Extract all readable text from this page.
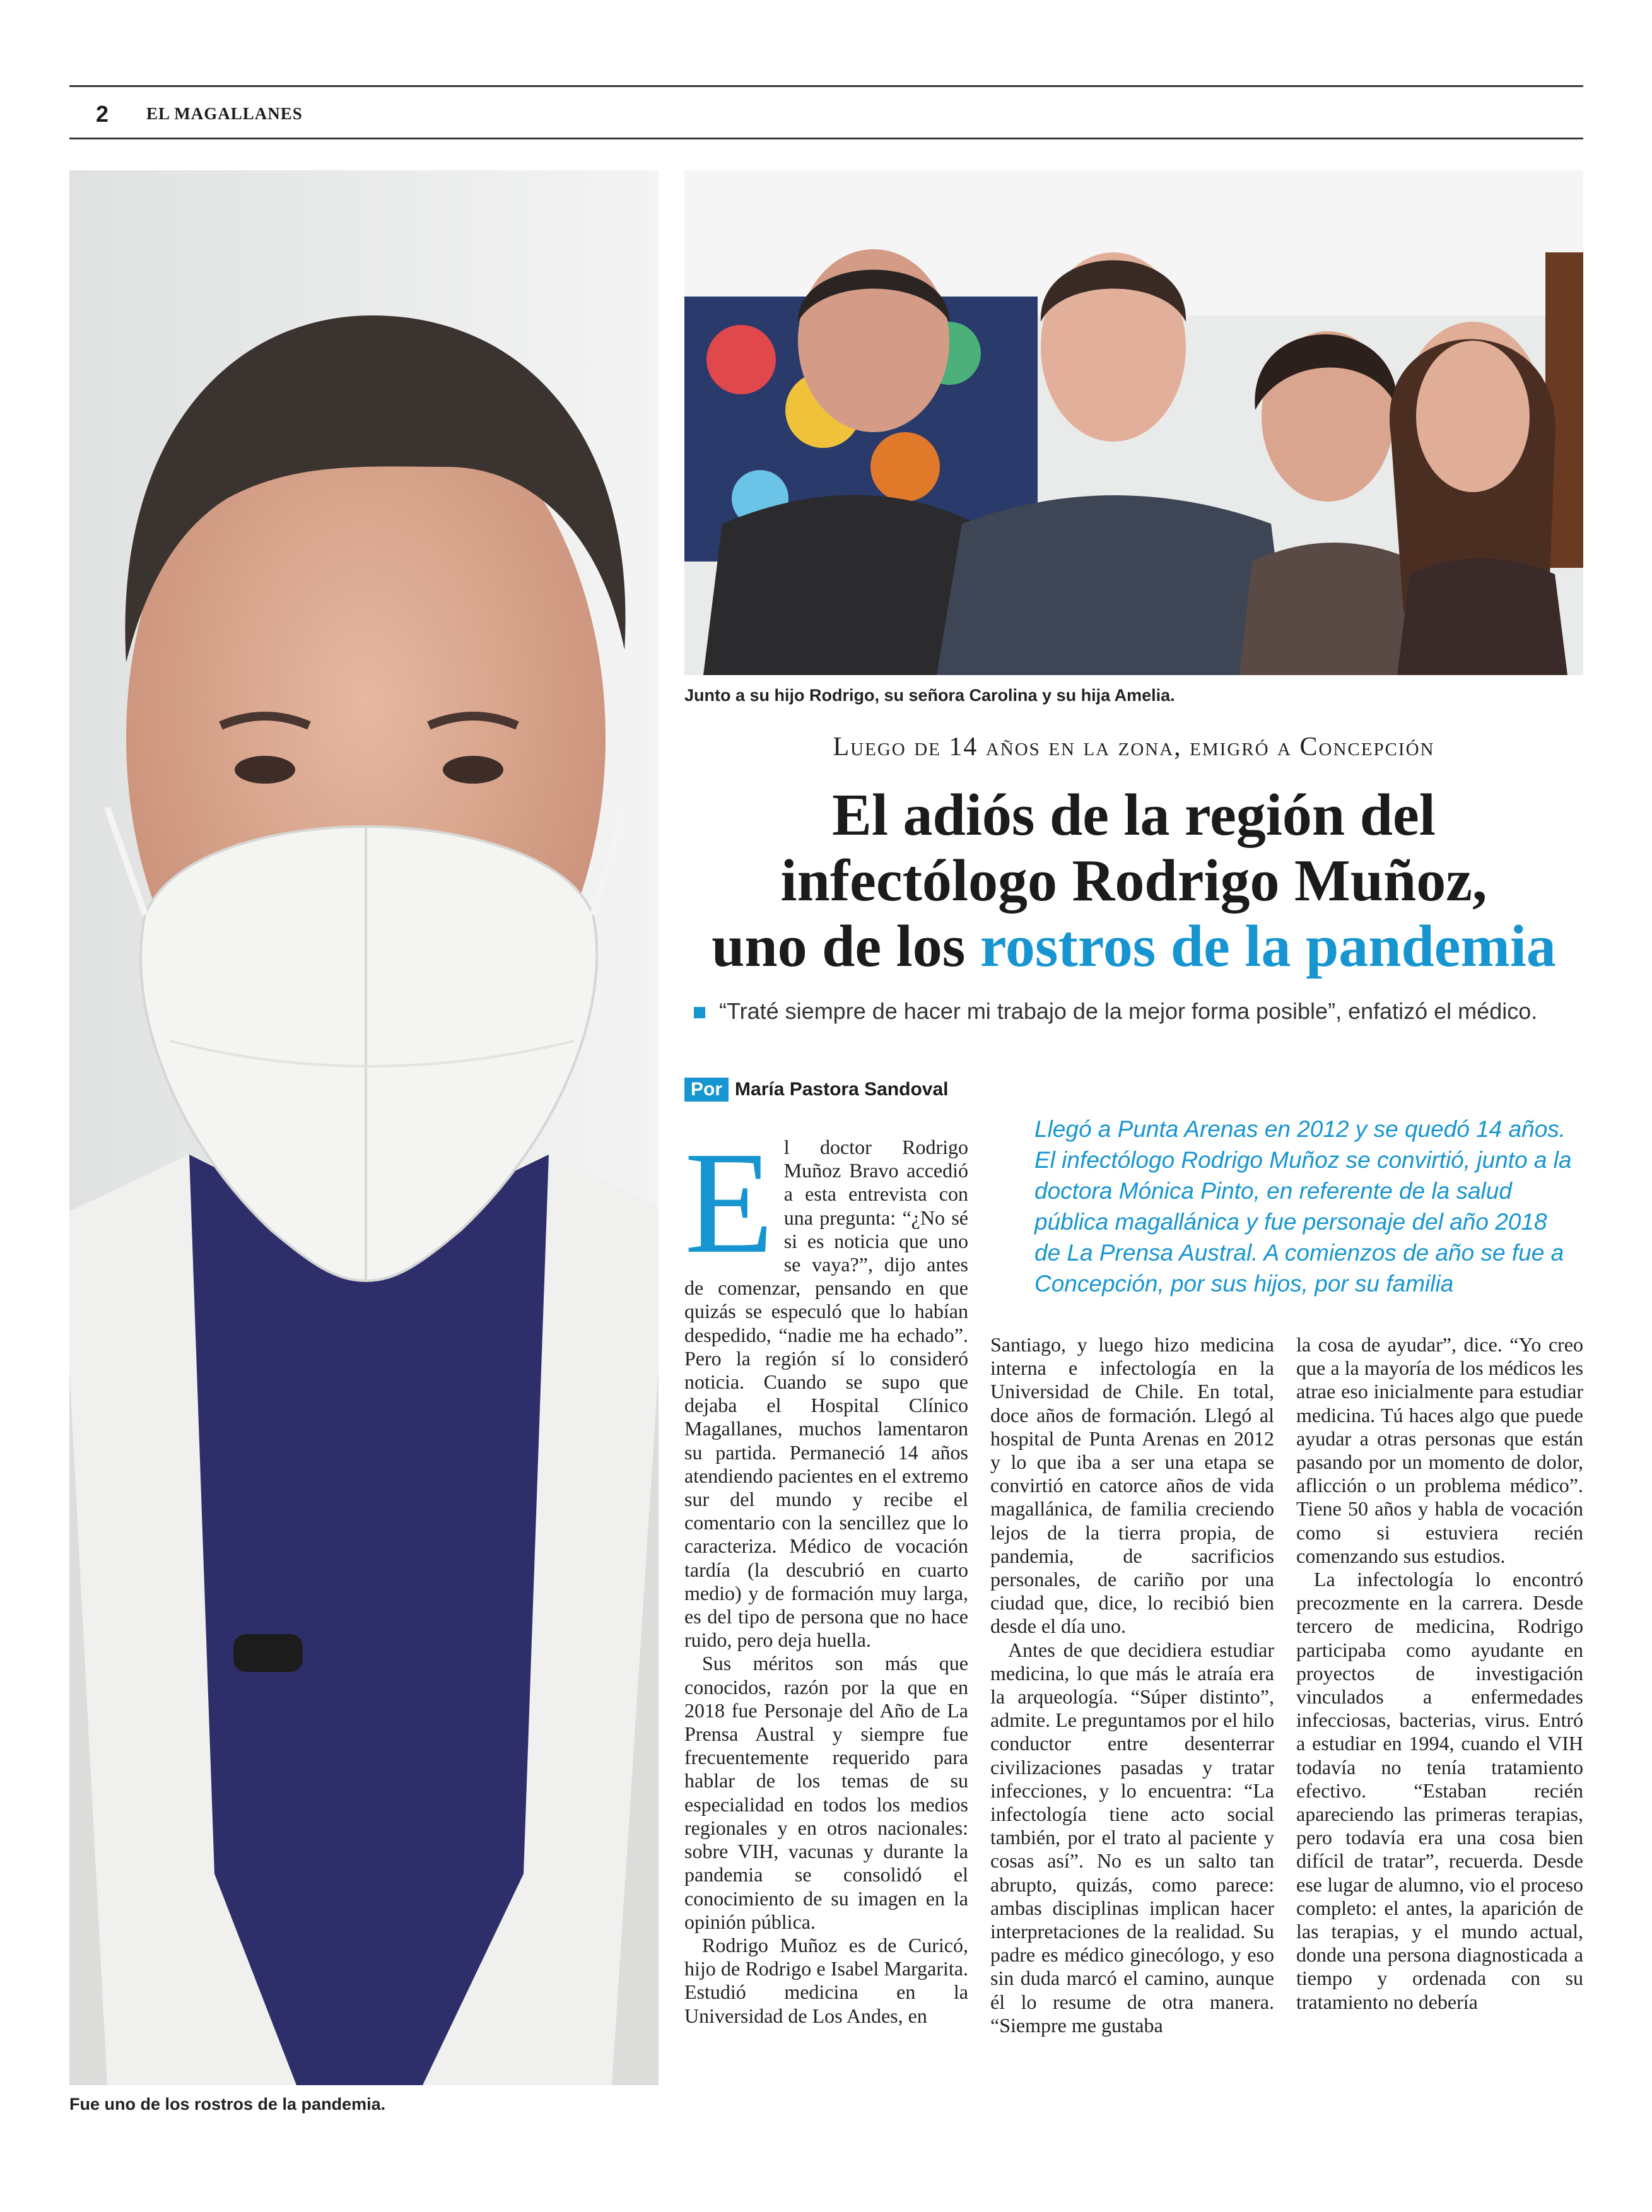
2 EL MAGALLANES
Fue uno de los rostros de la pandemia.
Junto a su hijo Rodrigo, su señora Carolina y su hija Amelia.
Luego de 14 años en la zona, emigró a Concepción
El adiós de la región del
infectólogo Rodrigo Muñoz,
uno de los rostros de la pandemia
“Traté siempre de hacer mi trabajo de la mejor forma posible”, enfatizó el médico.
Por María Pastora Sandoval
Llegó a Punta Arenas en 2012 y se quedó 14 años. El infectólogo Rodrigo Muñoz se convirtió, junto a la doctora Mónica Pinto, en referente de la salud pública magallánica y fue personaje del año 2018 de La Prensa Austral. A comienzos de año se fue a Concepción, por sus hijos, por su familia

El doctor Rodrigo Muñoz Bravo accedió a esta entrevista con una pregunta: “¿No sé si es noticia que uno se vaya?”, dijo antes de comenzar, pensando en que quizás se especuló que lo habían despedido, “nadie me ha echado”. Pero la región sí lo consideró noticia. Cuando se supo que dejaba el Hospital Clínico Magallanes, muchos lamentaron su partida. Permaneció 14 años atendiendo pacientes en el extremo sur del mundo y recibe el comentario con la sencillez que lo caracteriza. Médico de vocación tardía (la descubrió en cuarto medio) y de formación muy larga, es del tipo de persona que no hace ruido, pero deja huella.

Sus méritos son más que conocidos, razón por la que en 2018 fue Personaje del Año de La Prensa Austral y siempre fue frecuentemente requerido para hablar de los temas de su especialidad en todos los medios regionales y en otros nacionales: sobre VIH, vacunas y durante la pandemia se consolidó el conocimiento de su imagen en la opinión pública.

Rodrigo Muñoz es de Curicó, hijo de Rodrigo e Isabel Margarita. Estudió medicina en la Universidad de Los Andes, en

Santiago, y luego hizo medicina interna e infectología en la Universidad de Chile. En total, doce años de formación. Llegó al hospital de Punta Arenas en 2012 y lo que iba a ser una etapa se convirtió en catorce años de vida magallánica, de familia creciendo lejos de la tierra propia, de pandemia, de sacrificios personales, de cariño por una ciudad que, dice, lo recibió bien desde el día uno.

Antes de que decidiera estudiar medicina, lo que más le atraía era la arqueología. “Súper distinto”, admite. Le preguntamos por el hilo conductor entre desenterrar civilizaciones pasadas y tratar infecciones, y lo encuentra: “La infectología tiene acto social también, por el trato al paciente y cosas así”. No es un salto tan abrupto, quizás, como parece: ambas disciplinas implican hacer interpretaciones de la realidad. Su padre es médico ginecólogo, y eso sin duda marcó el camino, aunque él lo resume de otra manera. “Siempre me gustaba

la cosa de ayudar”, dice. “Yo creo que a la mayoría de los médicos les atrae eso inicialmente para estudiar medicina. Tú haces algo que puede ayudar a otras personas que están pasando por un momento de dolor, aflicción o un problema médico”. Tiene 50 años y habla de vocación como si estuviera recién comenzando sus estudios.

La infectología lo encontró precozmente en la carrera. Desde tercero de medicina, Rodrigo participaba como ayudante en proyectos de investigación vinculados a enfermedades infecciosas, bacterias, virus. Entró a estudiar en 1994, cuando el VIH todavía no tenía tratamiento efectivo. “Estaban recién apareciendo las primeras terapias, pero todavía era una cosa bien difícil de tratar”, recuerda. Desde ese lugar de alumno, vio el proceso completo: el antes, la aparición de las terapias, y el mundo actual, donde una persona diagnosticada a tiempo y ordenada con su tratamiento no debería
